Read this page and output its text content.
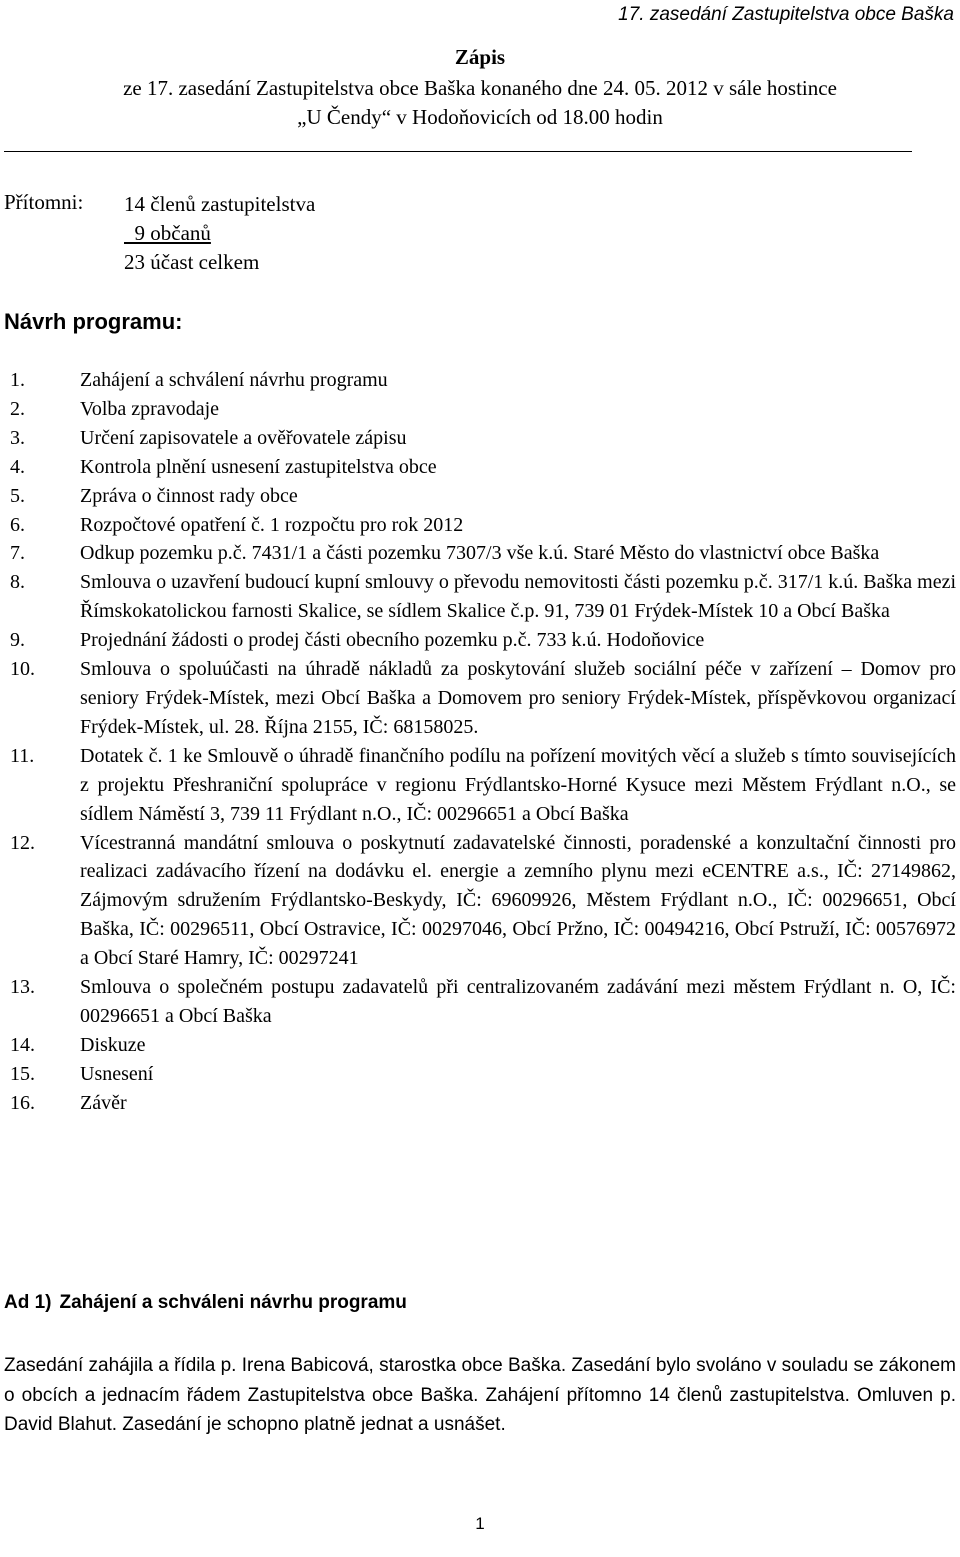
17. zasedání Zastupitelstva obce Baška
Zápis
ze 17. zasedání Zastupitelstva obce Baška konaného dne 24. 05. 2012 v sále hostince
„U Čendy“ v Hodoňovicích od 18.00 hodin
Přítomni: 14 členů zastupitelstva
9 občanů
23 účast celkem
Návrh programu:
1.	Zahájení a schválení návrhu programu
2.	Volba zpravodaje
3.	Určení zapisovatele a ověřovatele zápisu
4.	Kontrola plnění usnesení zastupitelstva obce
5.	Zpráva o činnost rady obce
6.	Rozpočtové opatření č. 1 rozpočtu pro rok 2012
7.	Odkup pozemku p.č. 7431/1 a části pozemku 7307/3 vše k.ú. Staré Město do vlastnictví obce Baška
8.	Smlouva o uzavření budoucí kupní smlouvy o převodu nemovitosti části pozemku p.č. 317/1 k.ú. Baška mezi Římskokatolickou farnosti Skalice, se sídlem Skalice č.p. 91, 739 01 Frýdek-Místek 10 a Obcí Baška
9.	Projednání žádosti o prodej části obecního pozemku p.č. 733 k.ú. Hodoňovice
10. Smlouva o spoluúčasti na úhradě nákladů za poskytování služeb sociální péče v zařízení – Domov pro seniory Frýdek-Místek, mezi Obcí Baška a Domovem pro seniory Frýdek-Místek, příspěvkovou organizací Frýdek-Místek, ul. 28. Října 2155, IČ: 68158025.
11. Dotatek č. 1 ke Smlouvě o úhradě finančního podílu na pořízení movitých věcí a služeb s tímto souvisejících z projektu Přeshraniční spolupráce v regionu Frýdlantsko-Horné Kysuce mezi Městem Frýdlant n.O., se sídlem Náměstí 3, 739 11 Frýdlant n.O., IČ: 00296651 a Obcí Baška
12. Vícestranná mandátní smlouva o poskytnutí zadavatelské činnosti, poradenské a konzultační činnosti pro realizaci zadávacího řízení na dodávku el. energie a zemního plynu mezi eCENTRE a.s., IČ: 27149862, Zájmovým sdružením Frýdlantsko-Beskydy, IČ: 69609926, Městem Frýdlant n.O., IČ: 00296651, Obcí Baška, IČ: 00296511, Obcí Ostravice, IČ: 00297046, Obcí Pržno, IČ: 00494216, Obcí Pstruží, IČ: 00576972 a Obcí Staré Hamry, IČ: 00297241
13. Smlouva o společném postupu zadavatelů při centralizovaném zadávání mezi městem Frýdlant n. O, IČ: 00296651 a Obcí Baška
14. Diskuze
15. Usnesení
16. Závěr
Ad 1) Zahájení a schváleni návrhu programu
Zasedání zahájila a řídila p. Irena Babicová, starostka obce Baška. Zasedání bylo svoláno v souladu se zákonem o obcích a jednacím řádem Zastupitelstva obce Baška. Zahájení přítomno 14 členů zastupitelstva. Omluven p. David Blahut. Zasedání je schopno platně jednat a usnášet.
1
